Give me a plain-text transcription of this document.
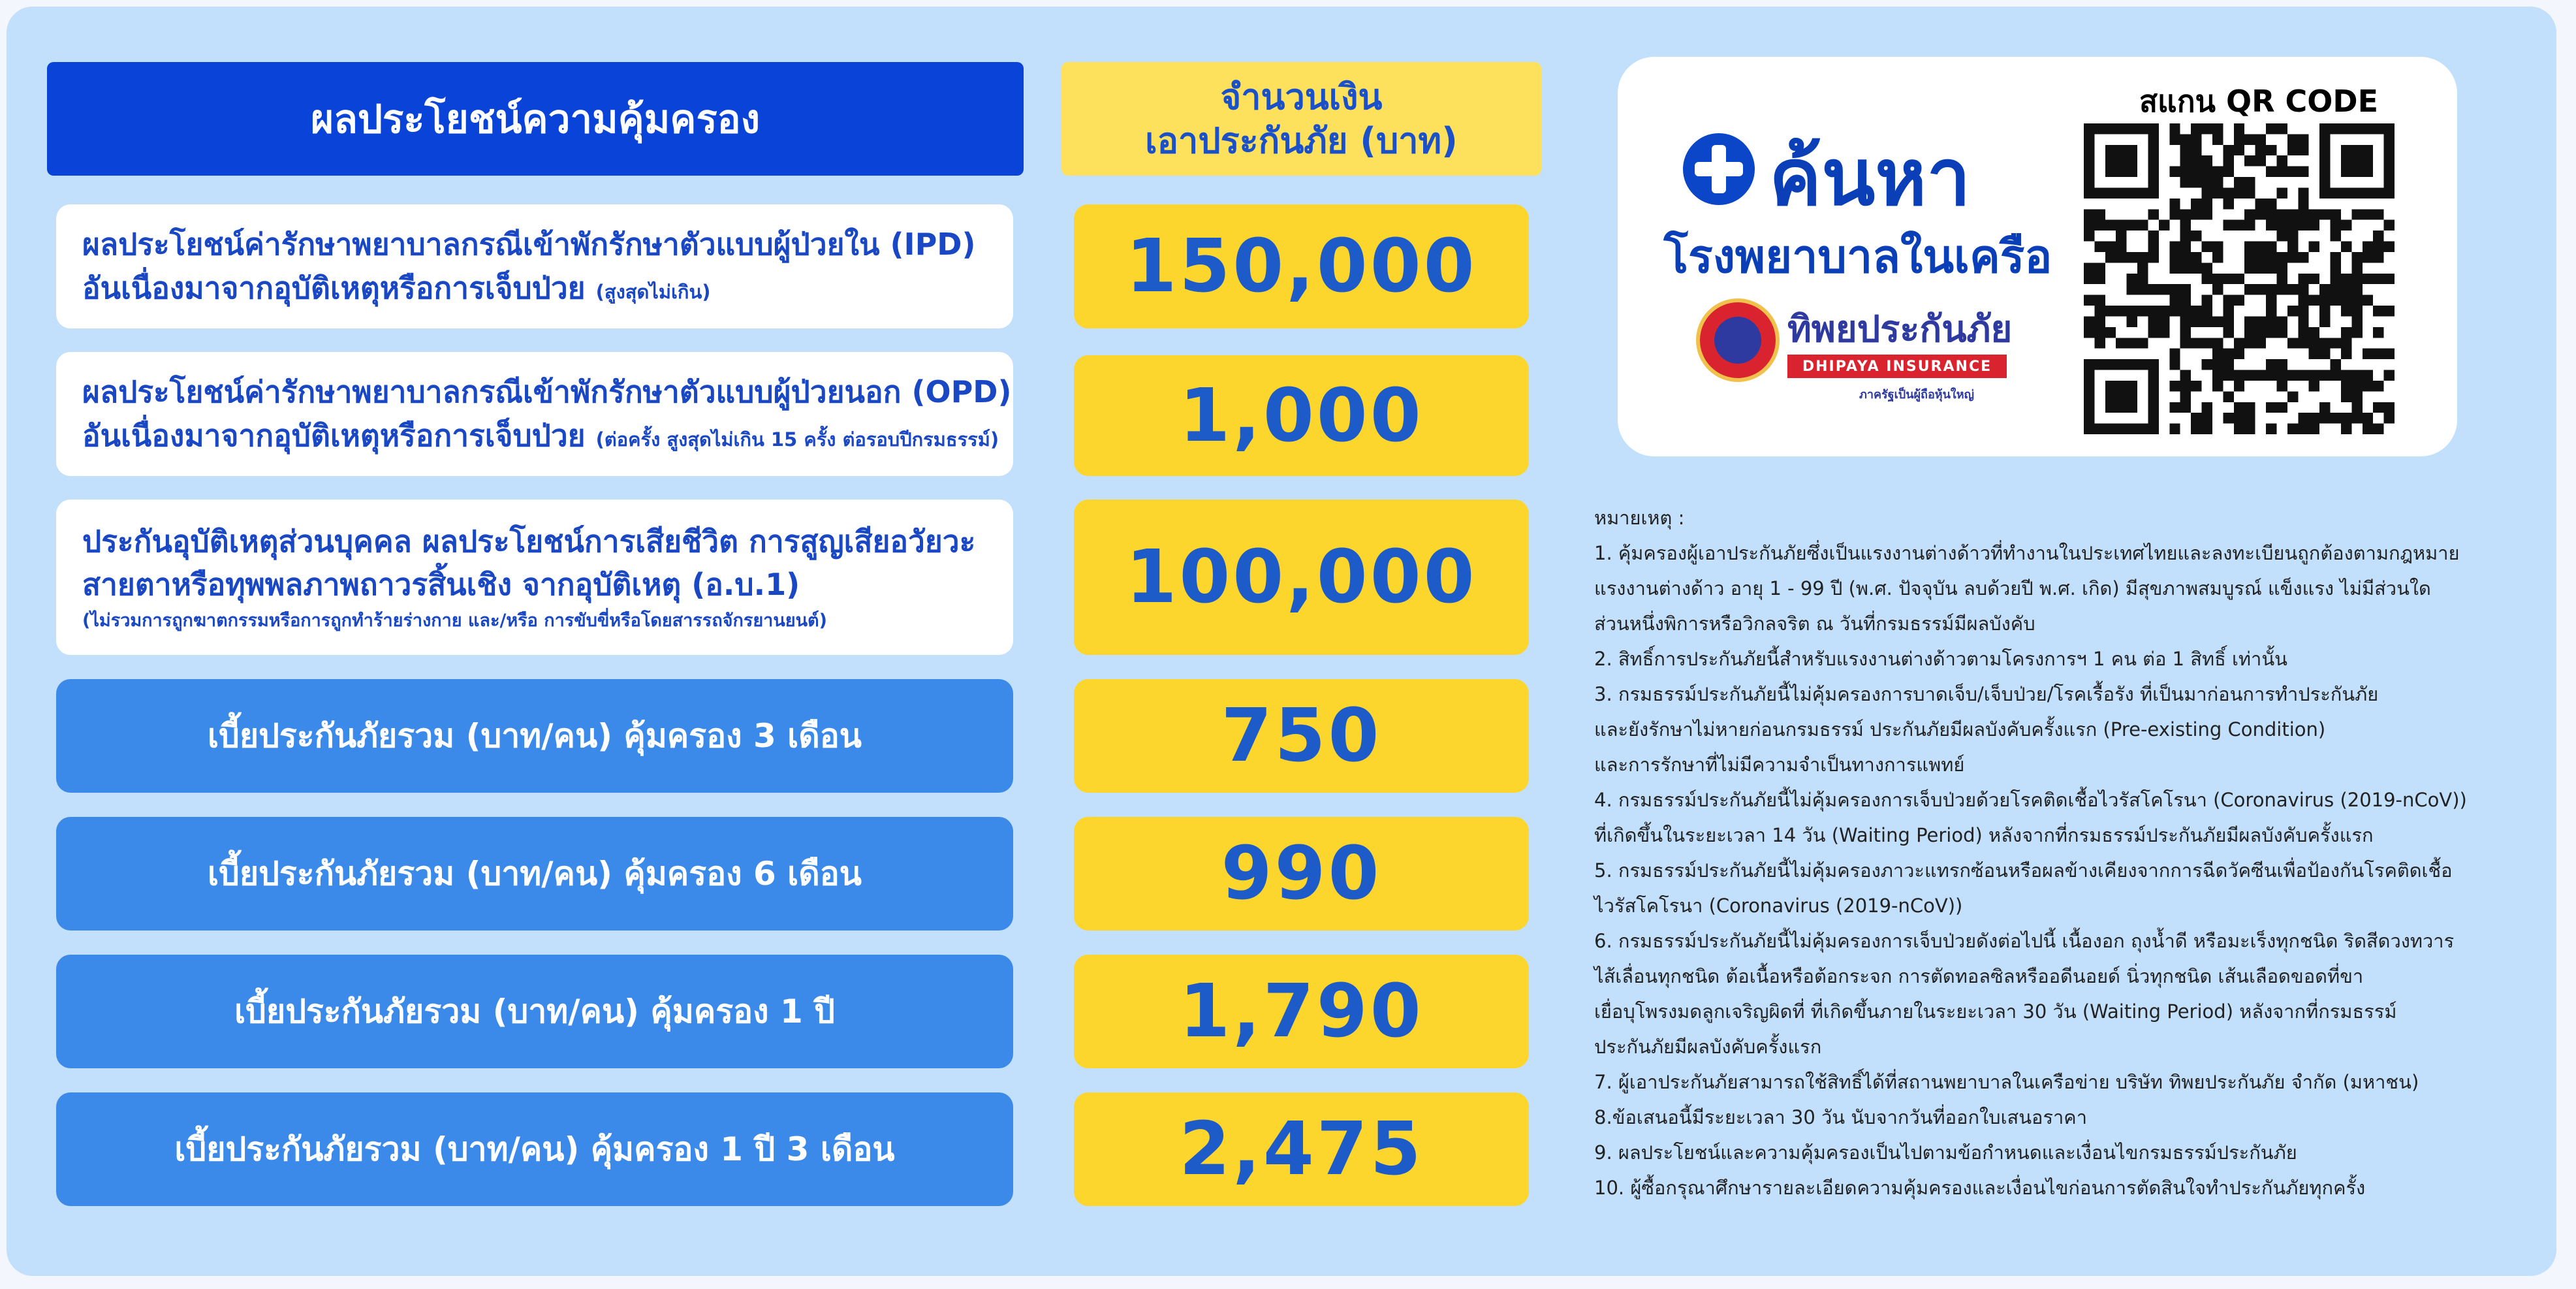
ผลประโยชน์ความคุ้มครอง	จำนวนเงิน
เอาประกันภัย (บาท)
ผลประโยชน์ค่ารักษาพยาบาลกรณีเข้าพักรักษาตัวแบบผู้ป่วยใน (IPD)
อันเนื่องมาจากอุบัติเหตุหรือการเจ็บป่วย (สูงสุดไม่เกิน)	150,000
ผลประโยชน์ค่ารักษาพยาบาลกรณีเข้าพักรักษาตัวแบบผู้ป่วยนอก (OPD)
อันเนื่องมาจากอุบัติเหตุหรือการเจ็บป่วย (ต่อครั้ง สูงสุดไม่เกิน 15 ครั้ง ต่อรอบปีกรมธรรม์) 1,000
ประกันอุบัติเหตุส่วนบุคคล ผลประโยชน์การเสียชีวิต การสูญเสียอวัยวะ
สายตาหรือทุพพลภาพถาวรสิ้นเชิง จากอุบัติเหตุ (อ.บ.1)
(ไม่รวมการถูกฆาตกรรมหรือการถูกทำร้ายร่างกาย และ/หรือ การขับขี่หรือโดยสารรถจักรยานยนต์)
100,000
เบี้ยประกันภัยรวม (บาท/คน) คุ้มครอง 3 เดือน	750
เบี้ยประกันภัยรวม (บาท/คน) คุ้มครอง 6 เดือน	990
เบี้ยประกันภัยรวม (บาท/คน) คุ้มครอง 1 ปี	1,790
เบี้ยประกันภัยรวม (บาท/คน) คุ้มครอง 1 ปี 3 เดือน	2,475
ค้นหา
โรงพยาบาลในเครือ
ทิพยประกันภัย
DHIPAYA INSURANCE
ภาครัฐเป็นผู้ถือหุ้นใหญ่
สแกน QR CODE
หมายเหตุ :
1. คุ้มครองผู้เอาประกันภัยซึ่งเป็นแรงงานต่างด้าวที่ทำงานในประเทศไทยและลงทะเบียนถูกต้องตามกฎหมาย
แรงงานต่างด้าว อายุ 1 - 99 ปี (พ.ศ. ปัจจุบัน ลบด้วยปี พ.ศ. เกิด) มีสุขภาพสมบูรณ์ แข็งแรง ไม่มีส่วนใด
ส่วนหนึ่งพิการหรือวิกลจริต ณ วันที่กรมธรรม์มีผลบังคับ
2. สิทธิ์การประกันภัยนี้สำหรับแรงงานต่างด้าวตามโครงการฯ 1 คน ต่อ 1 สิทธิ์ เท่านั้น
3. กรมธรรม์ประกันภัยนี้ไม่คุ้มครองการบาดเจ็บ/เจ็บป่วย/โรคเรื้อรัง ที่เป็นมาก่อนการทำประกันภัย
และยังรักษาไม่หายก่อนกรมธรรม์ ประกันภัยมีผลบังคับครั้งแรก (Pre-existing Condition)
และการรักษาที่ไม่มีความจำเป็นทางการแพทย์
4. กรมธรรม์ประกันภัยนี้ไม่คุ้มครองการเจ็บป่วยด้วยโรคติดเชื้อไวรัสโคโรนา (Coronavirus (2019-nCoV))
ที่เกิดขึ้นในระยะเวลา 14 วัน (Waiting Period) หลังจากที่กรมธรรม์ประกันภัยมีผลบังคับครั้งแรก
5. กรมธรรม์ประกันภัยนี้ไม่คุ้มครองภาวะแทรกซ้อนหรือผลข้างเคียงจากการฉีดวัคซีนเพื่อป้องกันโรคติดเชื้อ
ไวรัสโคโรนา (Coronavirus (2019-nCoV))
6. กรมธรรม์ประกันภัยนี้ไม่คุ้มครองการเจ็บป่วยดังต่อไปนี้ เนื้องอก ถุงน้ำดี หรือมะเร็งทุกชนิด ริดสีดวงทวาร
ไส้เลื่อนทุกชนิด ต้อเนื้อหรือต้อกระจก การตัดทอลซิลหรืออดีนอยด์ นิ่วทุกชนิด เส้นเลือดขอดที่ขา
เยื่อบุโพรงมดลูกเจริญผิดที่ ที่เกิดขึ้นภายในระยะเวลา 30 วัน (Waiting Period) หลังจากที่กรมธรรม์
ประกันภัยมีผลบังคับครั้งแรก
7. ผู้เอาประกันภัยสามารถใช้สิทธิ์ได้ที่สถานพยาบาลในเครือข่าย บริษัท ทิพยประกันภัย จำกัด (มหาชน)
8.ข้อเสนอนี้มีระยะเวลา 30 วัน นับจากวันที่ออกใบเสนอราคา
9. ผลประโยชน์และความคุ้มครองเป็นไปตามข้อกำหนดและเงื่อนไขกรมธรรม์ประกันภัย
10. ผู้ซื้อกรุณาศึกษารายละเอียดความคุ้มครองและเงื่อนไขก่อนการตัดสินใจทำประกันภัยทุกครั้ง
